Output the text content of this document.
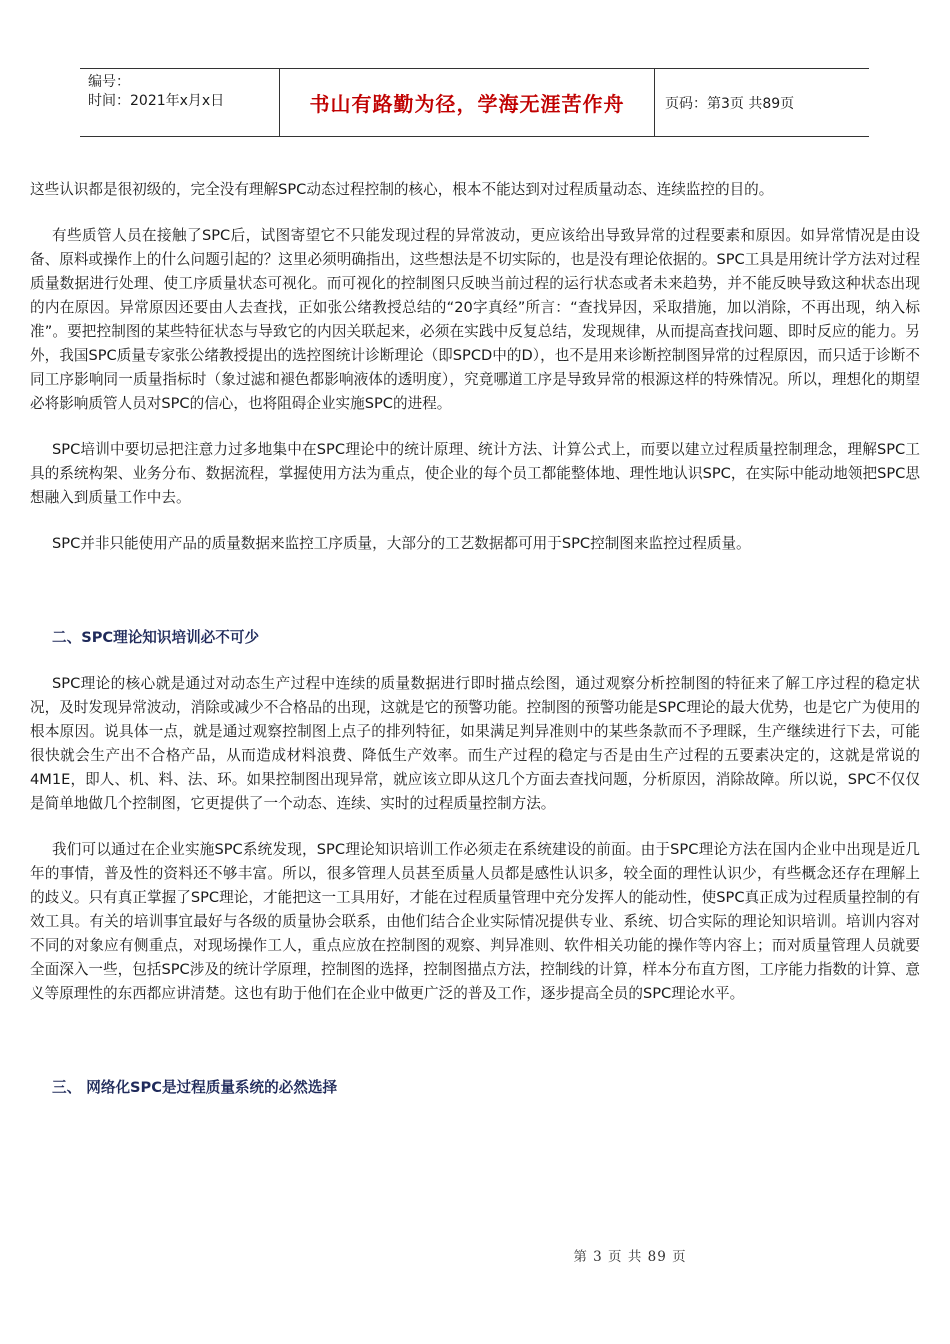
编号：
时间：2021年x月x日	书山有路勤为径，学海无涯苦作舟	页码：第3页 共89页

这些认识都是很初级的，完全没有理解SPC动态过程控制的核心，根本不能达到对过程质量动态、连续监控的目的。

有些质管人员在接触了SPC后，试图寄望它不只能发现过程的异常波动，更应该给出导致异常的过程要素和原因。如异常情况是由设备、原料或操作上的什么问题引起的？这里必须明确指出，这些想法是不切实际的，也是没有理论依据的。SPC工具是用统计学方法对过程质量数据进行处理、使工序质量状态可视化。而可视化的控制图只反映当前过程的运行状态或者未来趋势，并不能反映导致这种状态出现的内在原因。异常原因还要由人去查找，正如张公绪教授总结的“20字真经”所言：“查找异因，采取措施，加以消除，不再出现，纳入标准”。要把控制图的某些特征状态与导致它的内因关联起来，必须在实践中反复总结，发现规律，从而提高查找问题、即时反应的能力。另外，我国SPC质量专家张公绪教授提出的选控图统计诊断理论（即SPCD中的D），也不是用来诊断控制图异常的过程原因，而只适于诊断不同工序影响同一质量指标时（象过滤和褪色都影响液体的透明度），究竟哪道工序是导致异常的根源这样的特殊情况。所以，理想化的期望必将影响质管人员对SPC的信心，也将阻碍企业实施SPC的进程。

SPC培训中要切忌把注意力过多地集中在SPC理论中的统计原理、统计方法、计算公式上，而要以建立过程质量控制理念，理解SPC工具的系统构架、业务分布、数据流程，掌握使用方法为重点，使企业的每个员工都能整体地、理性地认识SPC，在实际中能动地领把SPC思想融入到质量工作中去。

SPC并非只能使用产品的质量数据来监控工序质量，大部分的工艺数据都可用于SPC控制图来监控过程质量。

二、SPC理论知识培训必不可少

SPC理论的核心就是通过对动态生产过程中连续的质量数据进行即时描点绘图，通过观察分析控制图的特征来了解工序过程的稳定状况，及时发现异常波动，消除或减少不合格品的出现，这就是它的预警功能。控制图的预警功能是SPC理论的最大优势，也是它广为使用的根本原因。说具体一点，就是通过观察控制图上点子的排列特征，如果满足判异准则中的某些条款而不予理睬，生产继续进行下去，可能很快就会生产出不合格产品，从而造成材料浪费、降低生产效率。而生产过程的稳定与否是由生产过程的五要素决定的，这就是常说的4M1E，即人、机、料、法、环。如果控制图出现异常，就应该立即从这几个方面去查找问题，分析原因，消除故障。所以说，SPC不仅仅是简单地做几个控制图，它更提供了一个动态、连续、实时的过程质量控制方法。

我们可以通过在企业实施SPC系统发现，SPC理论知识培训工作必须走在系统建设的前面。由于SPC理论方法在国内企业中出现是近几年的事情，普及性的资料还不够丰富。所以，很多管理人员甚至质量人员都是感性认识多，较全面的理性认识少，有些概念还存在理解上的歧义。只有真正掌握了SPC理论，才能把这一工具用好，才能在过程质量管理中充分发挥人的能动性，使SPC真正成为过程质量控制的有效工具。有关的培训事宜最好与各级的质量协会联系，由他们结合企业实际情况提供专业、系统、切合实际的理论知识培训。培训内容对不同的对象应有侧重点，对现场操作工人，重点应放在控制图的观察、判异准则、软件相关功能的操作等内容上；而对质量管理人员就要全面深入一些，包括SPC涉及的统计学原理，控制图的选择，控制图描点方法，控制线的计算，样本分布直方图，工序能力指数的计算、意义等原理性的东西都应讲清楚。这也有助于他们在企业中做更广泛的普及工作，逐步提高全员的SPC理论水平。

三、 网络化SPC是过程质量系统的必然选择

第 3 页 共 89 页
